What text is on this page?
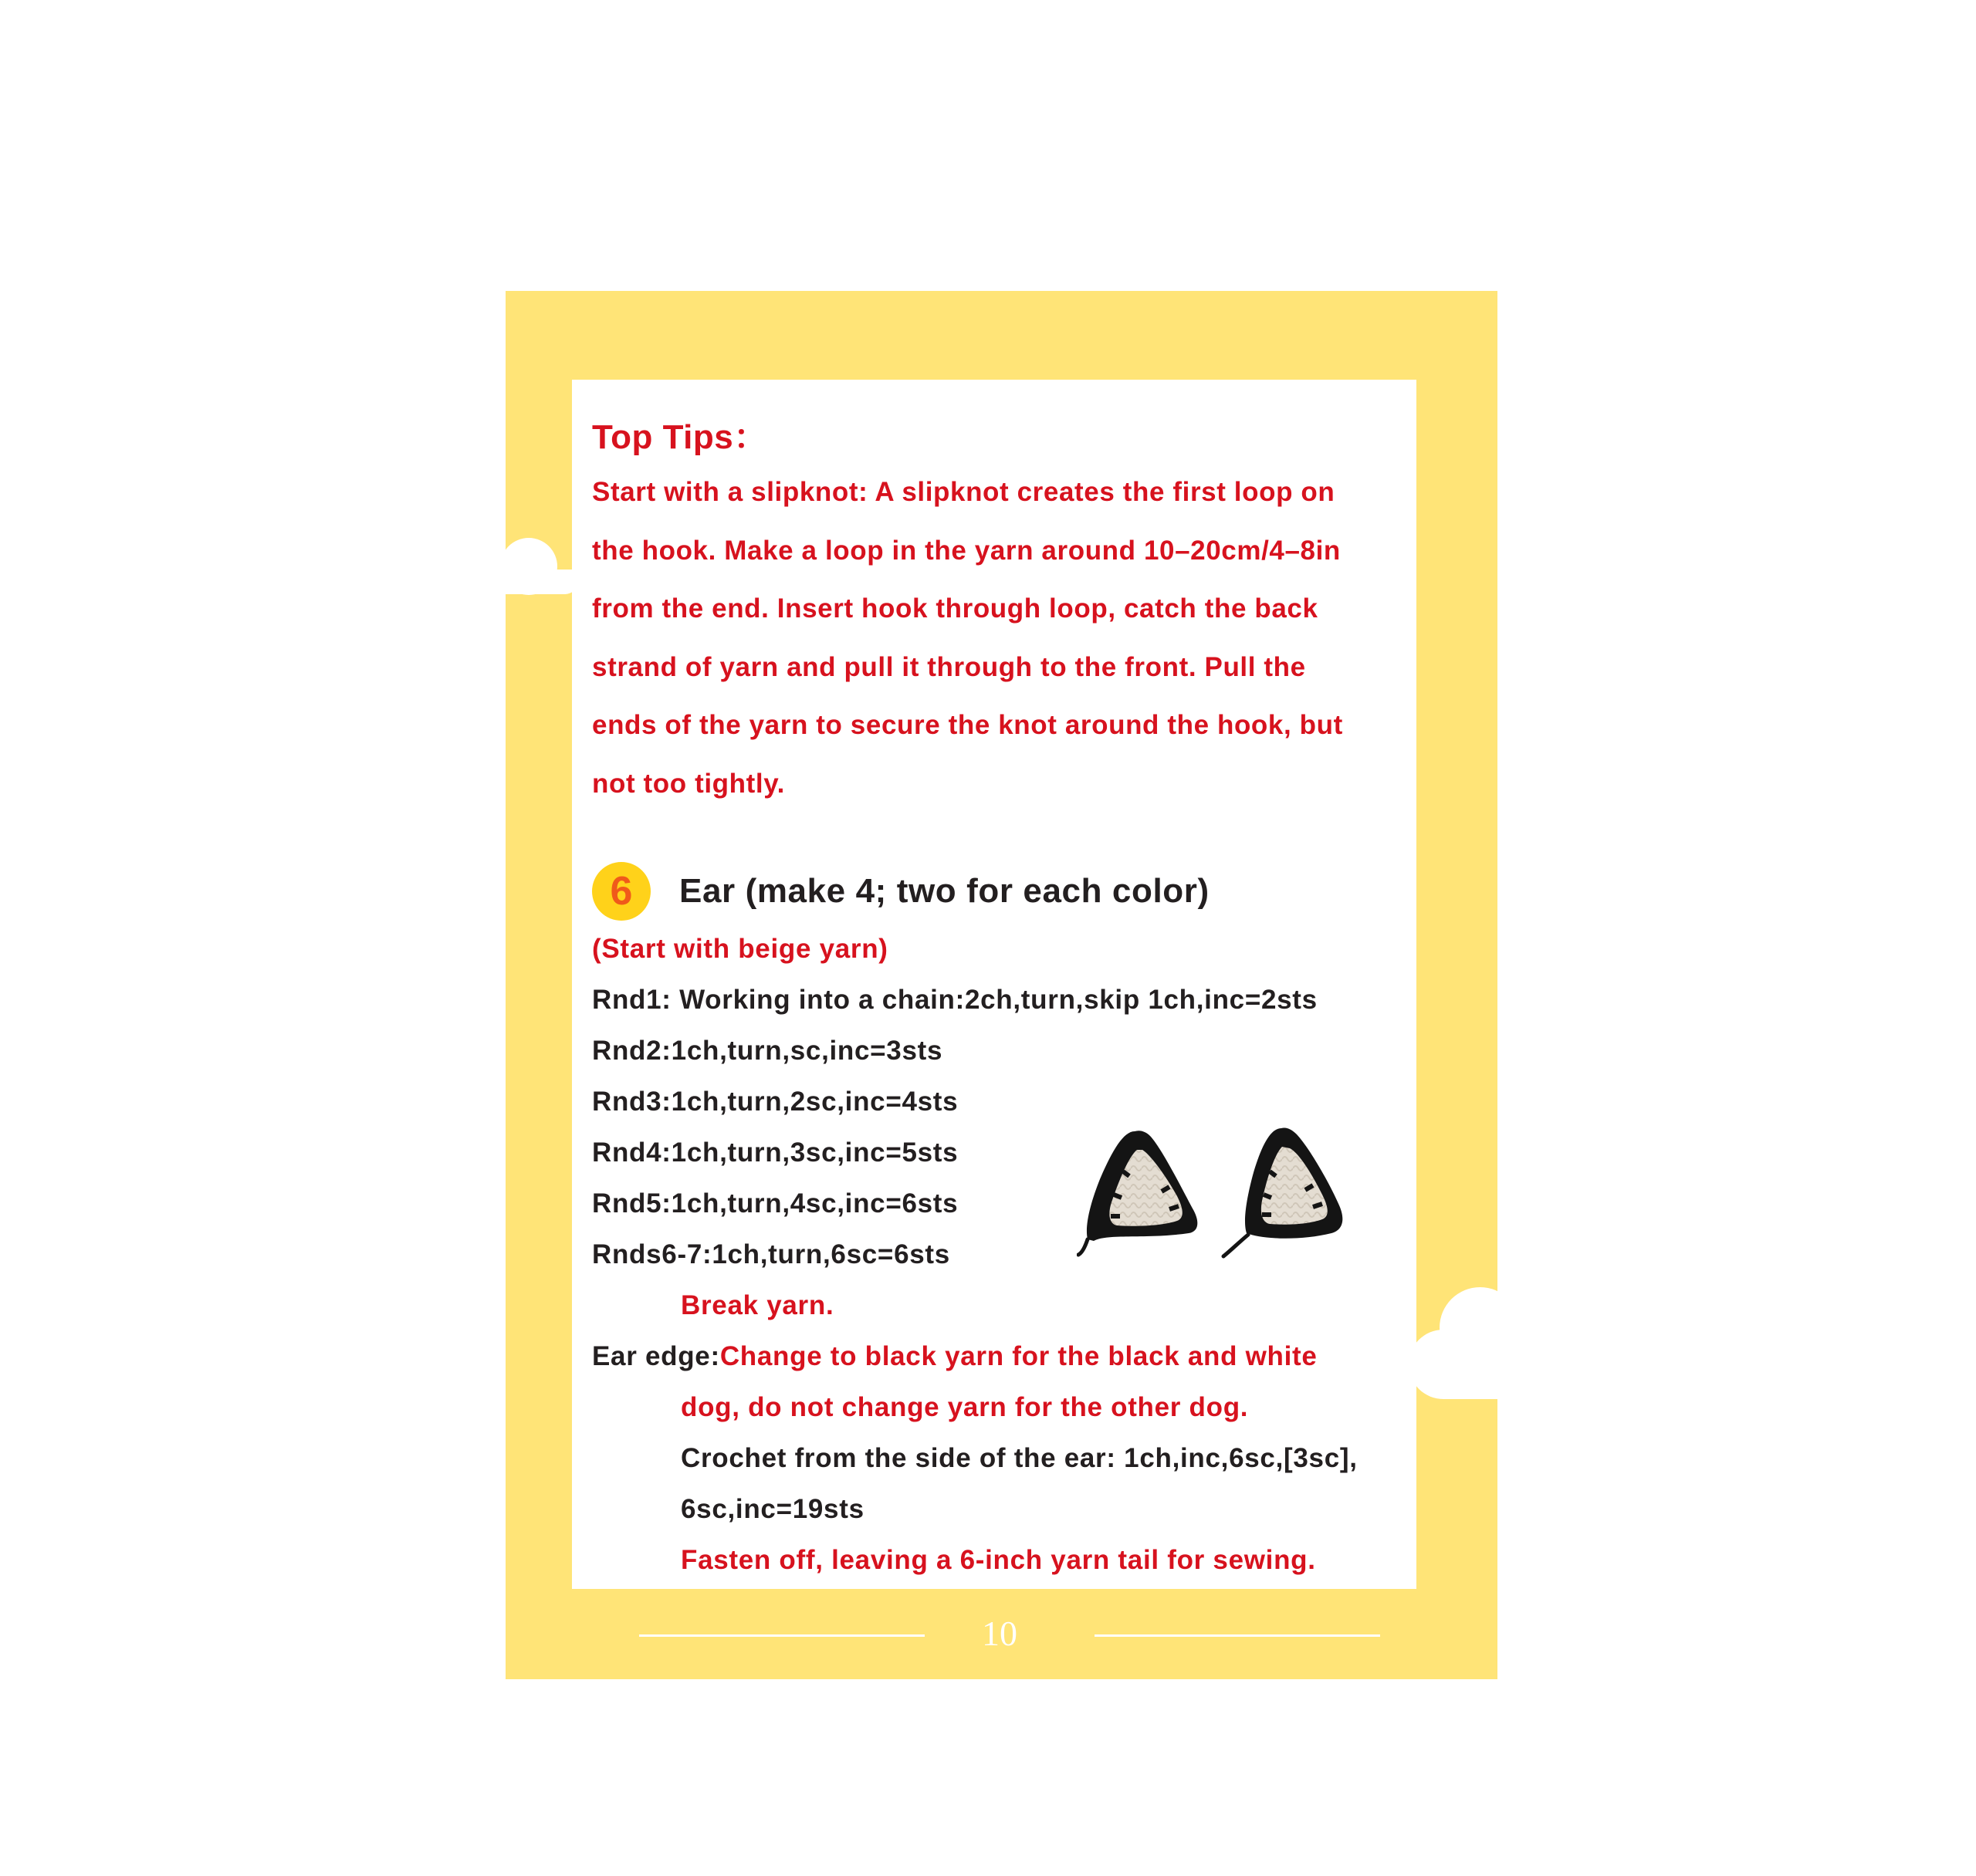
Top Tips：
Start with a slipknot: A slipknot creates the first loop on
the hook. Make a loop in the yarn around 10–20cm/4–8in
from the end. Insert hook through loop, catch the back
strand of yarn and pull it through to the front. Pull the
ends of the yarn to secure the knot around the hook, but
not too tightly.
6	Ear (make 4; two for each color)
(Start with beige yarn)
Rnd1: Working into a chain:2ch,turn,skip 1ch,inc=2sts
Rnd2:1ch,turn,sc,inc=3sts
Rnd3:1ch,turn,2sc,inc=4sts
Rnd4:1ch,turn,3sc,inc=5sts
Rnd5:1ch,turn,4sc,inc=6sts
Rnds6-7:1ch,turn,6sc=6sts
Break yarn.
Ear edge:Change to black yarn for the black and white
dog, do not change yarn for the other dog.
Crochet from the side of the ear: 1ch,inc,6sc,[3sc],
6sc,inc=19sts
Fasten off, leaving a 6-inch yarn tail for sewing.
10
